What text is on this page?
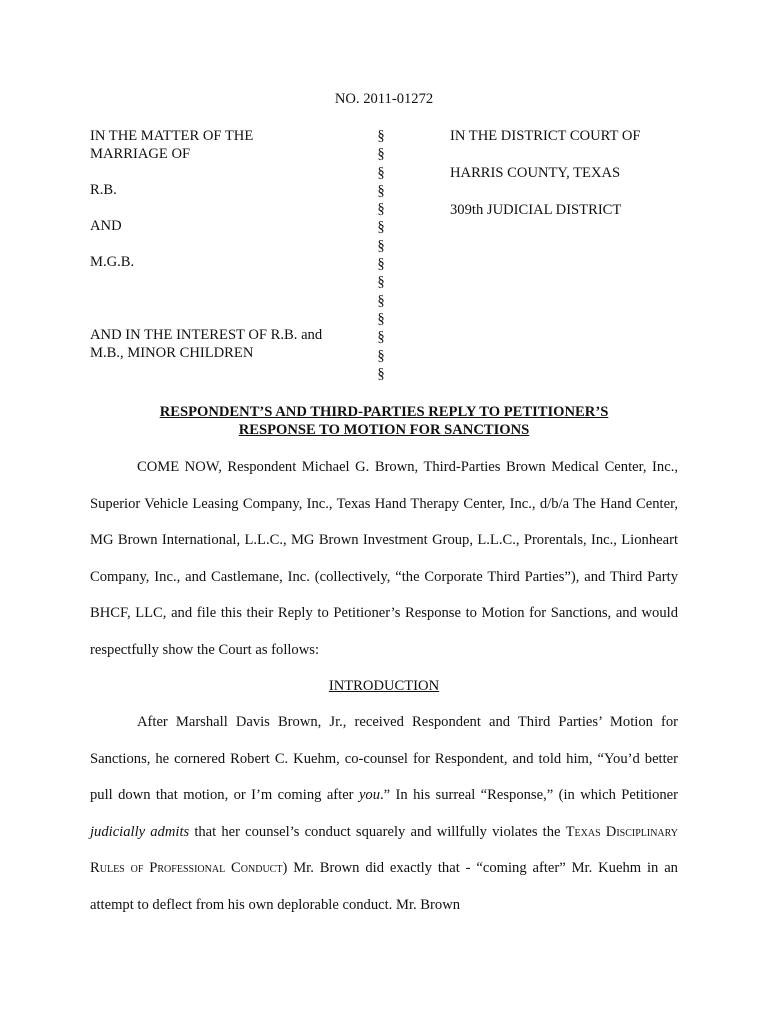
NO. 2011-01272
IN THE MATTER OF THE
MARRIAGE OF
R.B.
AND
M.G.B.
AND IN THE INTEREST OF R.B. and
M.B., MINOR CHILDREN
§
§
§
§
§
§
§
§
§
§
§
§
§
§
IN THE DISTRICT COURT OF
HARRIS COUNTY, TEXAS
309th JUDICIAL DISTRICT
RESPONDENT’S AND THIRD-PARTIES REPLY TO PETITIONER’S
RESPONSE TO MOTION FOR SANCTIONS
COME NOW, Respondent Michael G. Brown, Third-Parties Brown Medical Center, Inc., Superior Vehicle Leasing Company, Inc., Texas Hand Therapy Center, Inc., d/b/a The Hand Center, MG Brown International, L.L.C., MG Brown Investment Group, L.L.C., Prorentals, Inc., Lionheart Company, Inc., and Castlemane, Inc. (collectively, “the Corporate Third Parties”), and Third Party BHCF, LLC, and file this their Reply to Petitioner’s Response to Motion for Sanctions, and would respectfully show the Court as follows:
INTRODUCTION
After Marshall Davis Brown, Jr., received Respondent and Third Parties’ Motion for Sanctions, he cornered Robert C. Kuehm, co-counsel for Respondent, and told him, “You’d better pull down that motion, or I’m coming after you.” In his surreal “Response,” (in which Petitioner judicially admits that her counsel’s conduct squarely and willfully violates the Texas Disciplinary Rules of Professional Conduct) Mr. Brown did exactly that - “coming after” Mr. Kuehm in an attempt to deflect from his own deplorable conduct. Mr. Brown
